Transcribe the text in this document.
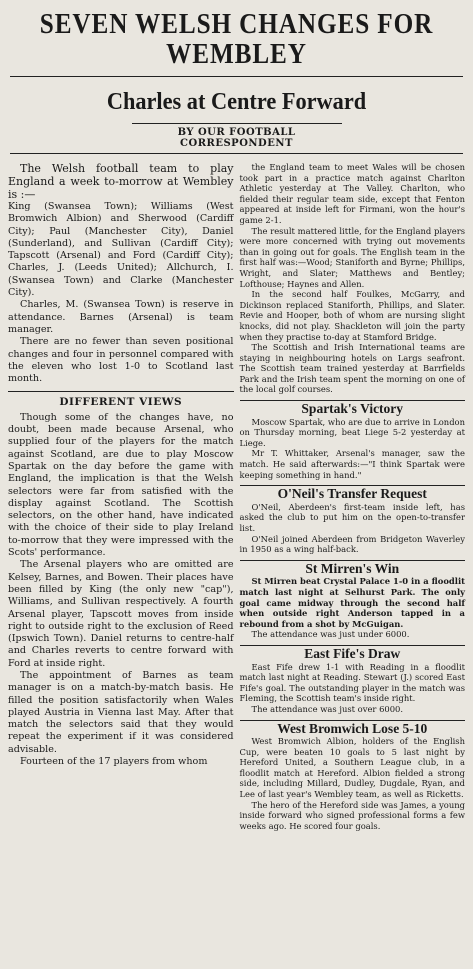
SEVEN WELSH CHANGES FOR WEMBLEY
Charles at Centre Forward
BY OUR FOOTBALL CORRESPONDENT

The Welsh football team to play England a week to-morrow at Wembley is :—

King (Swansea Town); Williams (West Bromwich Albion) and Sherwood (Cardiff City); Paul (Manchester City), Daniel (Sunderland), and Sullivan (Cardiff City); Tapscott (Arsenal) and Ford (Cardiff City); Charles, J. (Leeds United); Allchurch, I. (Swansea Town) and Clarke (Manchester City).

Charles, M. (Swansea Town) is reserve in attendance. Barnes (Arsenal) is team manager.

There are no fewer than seven positional changes and four in personnel compared with the eleven who lost 1-0 to Scotland last month.

DIFFERENT VIEWS

Though some of the changes have, no doubt, been made because Arsenal, who supplied four of the players for the match against Scotland, are due to play Moscow Spartak on the day before the game with England, the implication is that the Welsh selectors were far from satisfied with the display against Scotland. The Scottish selectors, on the other hand, have indicated with the choice of their side to play Ireland to-morrow that they were impressed with the Scots' performance.

The Arsenal players who are omitted are Kelsey, Barnes, and Bowen. Their places have been filled by King (the only new "cap"), Williams, and Sullivan respectively. A fourth Arsenal player, Tapscott moves from inside right to outside right to the exclusion of Reed (Ipswich Town). Daniel returns to centre-half and Charles reverts to centre forward with Ford at inside right.

The appointment of Barnes as team manager is on a match-by-match basis. He filled the position satisfactorily when Wales played Austria in Vienna last May. After that match the selectors said that they would repeat the experiment if it was considered advisable.

Fourteen of the 17 players from whom

the England team to meet Wales will be chosen took part in a practice match against Charlton Athletic yesterday at The Valley. Charlton, who fielded their regular team side, except that Fenton appeared at inside left for Firmani, won the hour's game 2-1.

The result mattered little, for the England players were more concerned with trying out movements than in going out for goals. The English team in the first half was:—Wood; Staniforth and Byrne; Phillips, Wright, and Slater; Matthews and Bentley; Lofthouse; Haynes and Allen.

In the second half Foulkes, McGarry, and Dickinson replaced Staniforth, Phillips, and Slater. Revie and Hooper, both of whom are nursing slight knocks, did not play. Shackleton will join the party when they practise to-day at Stamford Bridge.

The Scottish and Irish International teams are staying in neighbouring hotels on Largs seafront. The Scottish team trained yesterday at Barrfields Park and the Irish team spent the morning on one of the local golf courses.

Spartak's Victory

Moscow Spartak, who are due to arrive in London on Thursday morning, beat Liege 5-2 yesterday at Liege.

Mr T. Whittaker, Arsenal's manager, saw the match. He said afterwards:—"I think Spartak were keeping something in hand."

O'Neil's Transfer Request

O'Neil, Aberdeen's first-team inside left, has asked the club to put him on the open-to-transfer list.

O'Neil joined Aberdeen from Bridgeton Waverley in 1950 as a wing half-back.

St Mirren's Win

St Mirren beat Crystal Palace 1-0 in a floodlit match last night at Selhurst Park. The only goal came midway through the second half when outside right Anderson tapped in a rebound from a shot by McGuigan.

The attendance was just under 6000.

East Fife's Draw

East Fife drew 1-1 with Reading in a floodlit match last night at Reading. Stewart (J.) scored East Fife's goal. The outstanding player in the match was Fleming, the Scottish team's inside right.

The attendance was just over 6000.

West Bromwich Lose 5-10

West Bromwich Albion, holders of the English Cup, were beaten 10 goals to 5 last night by Hereford United, a Southern League club, in a floodlit match at Hereford. Albion fielded a strong side, including Millard, Dudley, Dugdale, Ryan, and Lee of last year's Wembley team, as well as Ricketts.

The hero of the Hereford side was James, a young inside forward who signed professional forms a few weeks ago. He scored four goals.
